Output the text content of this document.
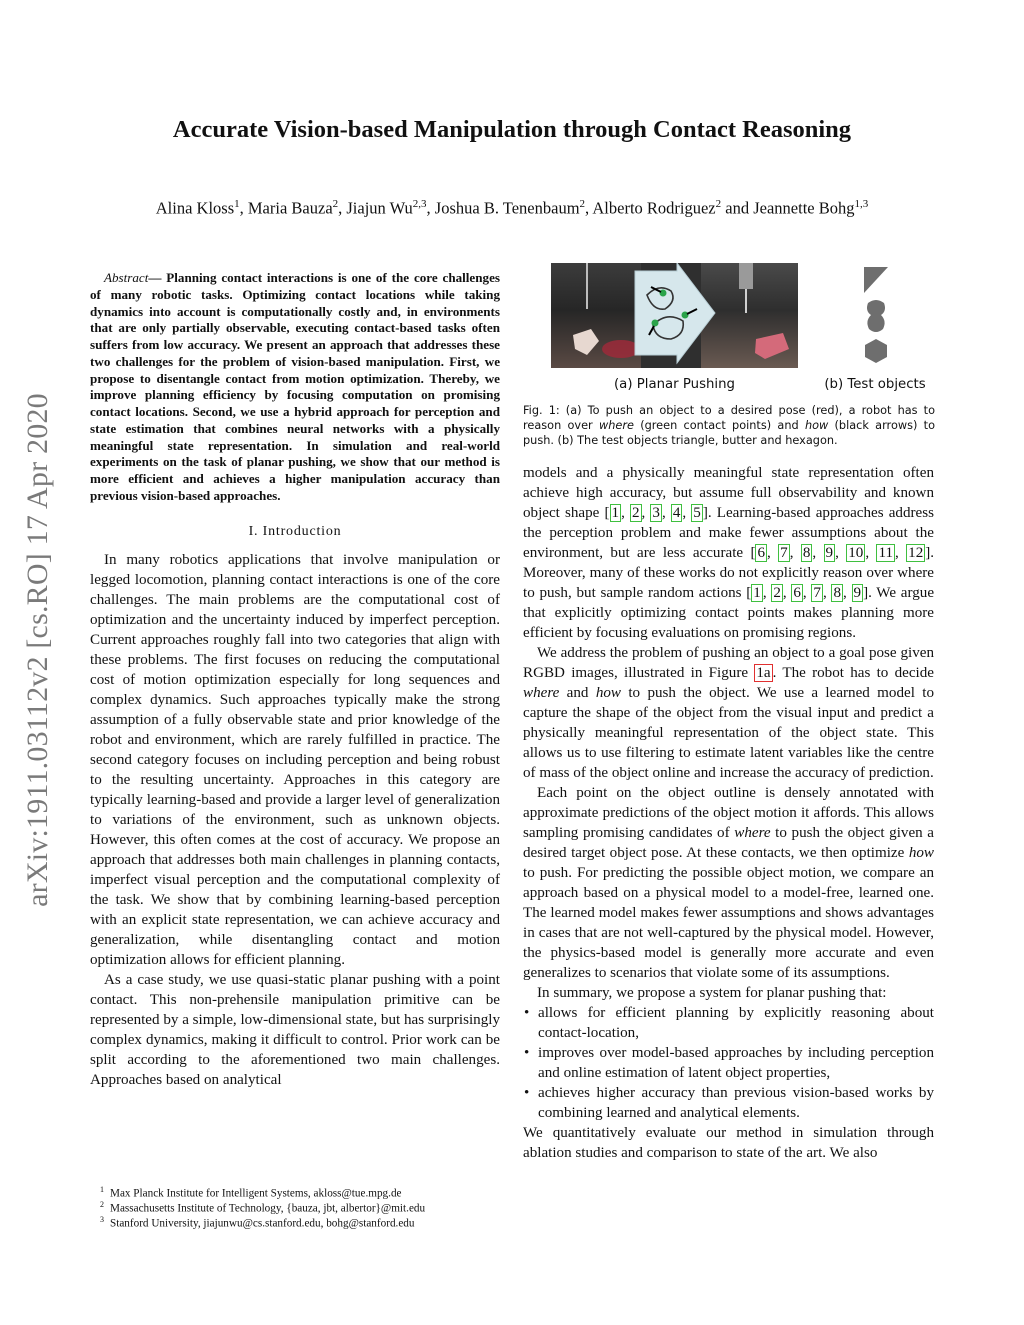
arXiv:1911.03112v2 [cs.RO] 17 Apr 2020
Accurate Vision-based Manipulation through Contact Reasoning
Alina Kloss$^1$, Maria Bauza$^2$, Jiajun Wu$^{2,3}$, Joshua B. Tenenbaum$^2$, Alberto Rodriguez$^2$ and Jeannette Bohg$^{1,3}$

Abstract— Planning contact interactions is one of the core challenges of many robotic tasks. Optimizing contact locations while taking dynamics into account is computationally costly and, in environments that are only partially observable, executing contact-based tasks often suffers from low accuracy. We present an approach that addresses these two challenges for the problem of vision-based manipulation. First, we propose to disentangle contact from motion optimization. Thereby, we improve planning efficiency by focusing computation on promising contact locations. Second, we use a hybrid approach for perception and state estimation that combines neural networks with a physically meaningful state representation. In simulation and real-world experiments on the task of planar pushing, we show that our method is more efficient and achieves a higher manipulation accuracy than previous vision-based approaches.

I. Introduction

In many robotics applications that involve manipulation or legged locomotion, planning contact interactions is one of the core challenges. The main problems are the computational cost of optimization and the uncertainty induced by imperfect perception. Current approaches roughly fall into two categories that align with these problems. The first focuses on reducing the computational cost of motion optimization especially for long sequences and complex dynamics. Such approaches typically make the strong assumption of a fully observable state and prior knowledge of the robot and environment, which are rarely fulfilled in practice. The second category focuses on including perception and being robust to the resulting uncertainty. Approaches in this category are typically learning-based and provide a larger level of generalization to variations of the environment, such as unknown objects. However, this often comes at the cost of accuracy. We propose an approach that addresses both main challenges in planning contacts, imperfect visual perception and the computational complexity of the task. We show that by combining learning-based perception with an explicit state representation, we can achieve accuracy and generalization, while disentangling contact and motion optimization allows for efficient planning.

As a case study, we use quasi-static planar pushing with a point contact. This non-prehensile manipulation primitive can be represented by a simple, low-dimensional state, but has surprisingly complex dynamics, making it difficult to control. Prior work can be split according to the aforementioned two main challenges. Approaches based on analytical

$^1$ Max Planck Institute for Intelligent Systems, akloss@tue.mpg.de
$^2$ Massachusetts Institute of Technology, {bauza, jbt, albertor}@mit.edu
$^3$ Stanford University, jiajunwu@cs.stanford.edu, bohg@stanford.edu
(a) Planar Pushing	(b) Test objects
Fig. 1: (a) To push an object to a desired pose (red), a robot has to reason over where (green contact points) and how (black arrows) to push. (b) The test objects triangle, butter and hexagon.

models and a physically meaningful state representation often achieve high accuracy, but assume full observability and known object shape [ 1 , 2 , 3 , 4 , 5 ]. Learning-based approaches address the perception problem and make fewer assumptions about the environment, but are less accurate [ 6 , 7 , 8 , 9 , 10 , 11 , 12 ]. Moreover, many of these works do not explicitly reason over where to push, but sample random actions [ 1 , 2 , 6 , 7 , 8 , 9 ]. We argue that explicitly optimizing contact points makes planning more efficient by focusing evaluations on promising regions.

We address the problem of pushing an object to a goal pose given RGBD images, illustrated in Figure 1a . The robot has to decide where and how to push the object. We use a learned model to capture the shape of the object from the visual input and predict a physically meaningful representation of the object state. This allows us to use filtering to estimate latent variables like the centre of mass of the object online and increase the accuracy of prediction.

Each point on the object outline is densely annotated with approximate predictions of the object motion it affords. This allows sampling promising candidates of where to push the object given a desired target object pose. At these contacts, we then optimize how to push. For predicting the possible object motion, we compare an approach based on a physical model to a model-free, learned one. The learned model makes fewer assumptions and shows advantages in cases that are not well-captured by the physical model. However, the physics-based model is generally more accurate and even generalizes to scenarios that violate some of its assumptions.

In summary, we propose a system for planar pushing that:

• allows for efficient planning by explicitly reasoning about contact-location,
• improves over model-based approaches by including perception and online estimation of latent object properties,
• achieves higher accuracy than previous vision-based works by combining learned and analytical elements.

We quantitatively evaluate our method in simulation through ablation studies and comparison to state of the art. We also
